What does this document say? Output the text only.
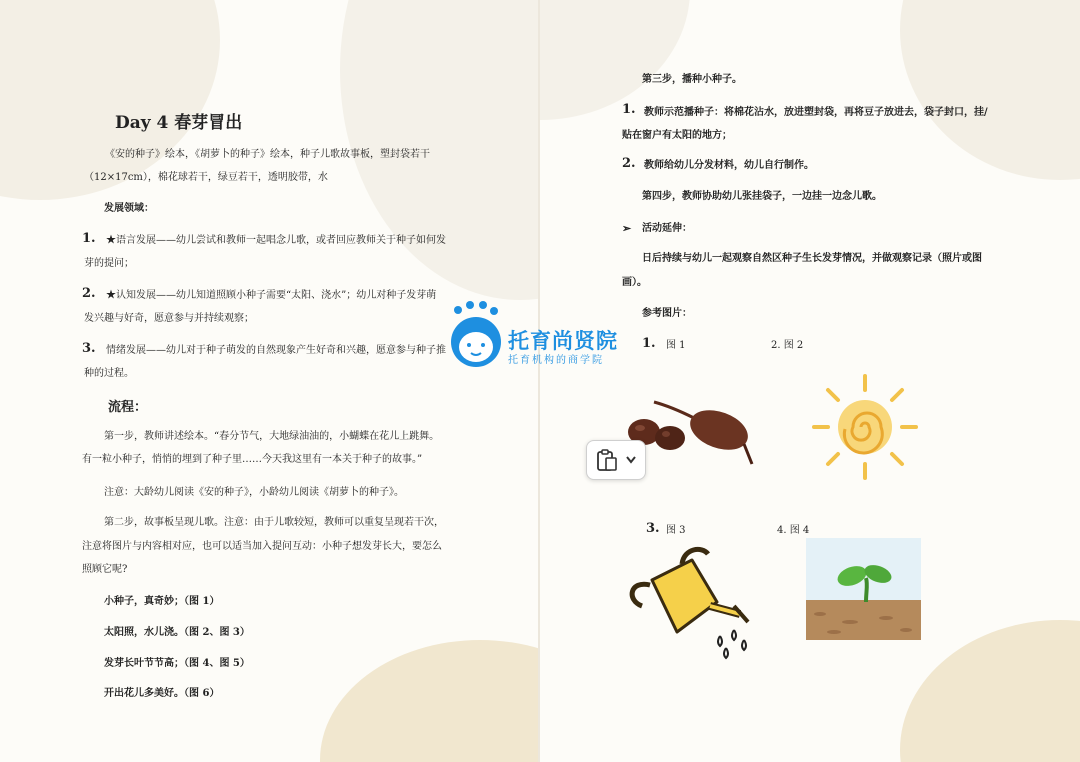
Day 4 春芽冒出
《安的种子》绘本，《胡萝卜的种子》绘本，种子儿歌故事板，塑封袋若干
（12×17cm），棉花球若干，绿豆若干，透明胶带，水
发展领域：
1. ★语言发展——幼儿尝试和教师一起唱念儿歌，或者回应教师关于种子如何发
芽的提问；
2. ★认知发展——幼儿知道照顾小种子需要“太阳、浇水”；幼儿对种子发芽萌
发兴趣与好奇，愿意参与并持续观察；
3. 情绪发展——幼儿对于种子萌发的自然现象产生好奇和兴趣，愿意参与种子推
种的过程。
流程：
第一步，教师讲述绘本。“春分节气，大地绿油油的，小蝴蝶在花儿上跳舞。
有一粒小种子，悄悄的埋到了种子里……今天我这里有一本关于种子的故事。”
注意：大龄幼儿阅读《安的种子》，小龄幼儿阅读《胡萝卜的种子》。
第二步，故事板呈现儿歌。注意：由于儿歌较短，教师可以重复呈现若干次，
注意将图片与内容相对应，也可以适当加入提问互动：小种子想发芽长大，要怎么
照顾它呢?
小种子，真奇妙；（图 1）
太阳照，水儿浇。（图 2、图 3）
发芽长叶节节高；（图 4、图 5）
开出花儿多美好。（图 6）
第三步，播种小种子。
1. 教师示范播种子：将棉花沾水，放进塑封袋，再将豆子放进去，袋子封口，挂/
贴在窗户有太阳的地方；
2. 教师给幼儿分发材料，幼儿自行制作。
第四步，教师协助幼儿张挂袋子，一边挂一边念儿歌。
➢ 活动延伸：
日后持续与幼儿一起观察自然区种子生长发芽情况，并做观察记录（照片或图
画）。
参考图片：
1. 图 1	2. 图 2
3. 图 3	4. 图 4
托育尚贤院
托育机构的商学院
